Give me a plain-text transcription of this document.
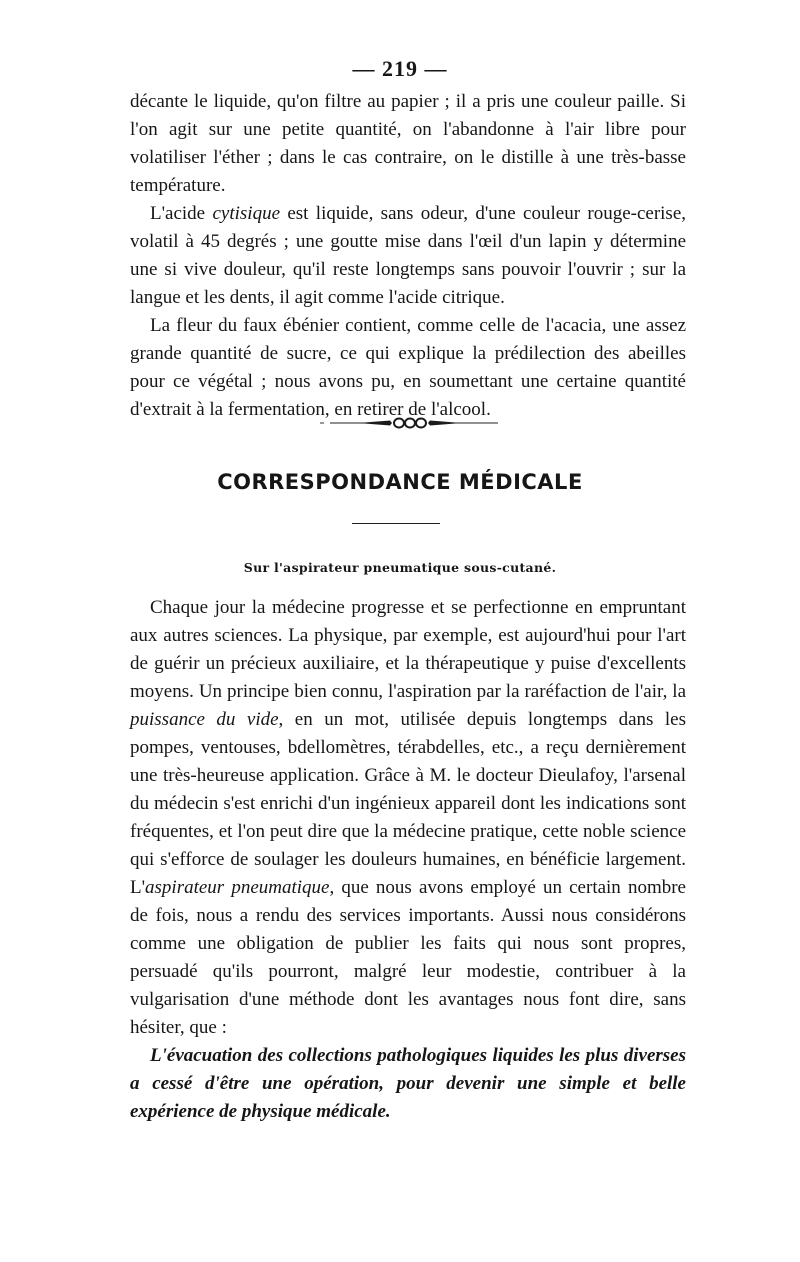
— 219 —

décante le liquide, qu'on filtre au papier ; il a pris une couleur paille. Si l'on agit sur une petite quantité, on l'abandonne à l'air libre pour volatiliser l'éther ; dans le cas contraire, on le distille à une très-basse température.

L'acide cytisique est liquide, sans odeur, d'une couleur rouge-cerise, volatil à 45 degrés ; une goutte mise dans l'œil d'un lapin y détermine une si vive douleur, qu'il reste longtemps sans pouvoir l'ouvrir ; sur la langue et les dents, il agit comme l'acide citrique.

La fleur du faux ébénier contient, comme celle de l'acacia, une assez grande quantité de sucre, ce qui explique la prédilection des abeilles pour ce végétal ; nous avons pu, en soumettant une certaine quantité d'extrait à la fermentation, en retirer de l'alcool.

CORRESPONDANCE MÉDICALE
Sur l'aspirateur pneumatique sous-cutané.

Chaque jour la médecine progresse et se perfectionne en empruntant aux autres sciences. La physique, par exemple, est aujourd'hui pour l'art de guérir un précieux auxiliaire, et la thérapeutique y puise d'excellents moyens. Un principe bien connu, l'aspiration par la raréfaction de l'air, la puissance du vide, en un mot, utilisée depuis longtemps dans les pompes, ventouses, bdellomètres, térabdelles, etc., a reçu dernièrement une très-heureuse application. Grâce à M. le docteur Dieulafoy, l'arsenal du médecin s'est enrichi d'un ingénieux appareil dont les indications sont fréquentes, et l'on peut dire que la médecine pratique, cette noble science qui s'efforce de soulager les douleurs humaines, en bénéficie largement. L'aspirateur pneumatique, que nous avons employé un certain nombre de fois, nous a rendu des services importants. Aussi nous considérons comme une obligation de publier les faits qui nous sont propres, persuadé qu'ils pourront, malgré leur modestie, contribuer à la vulgarisation d'une méthode dont les avantages nous font dire, sans hésiter, que :

L'évacuation des collections pathologiques liquides les plus diverses a cessé d'être une opération, pour devenir une simple et belle expérience de physique médicale.
